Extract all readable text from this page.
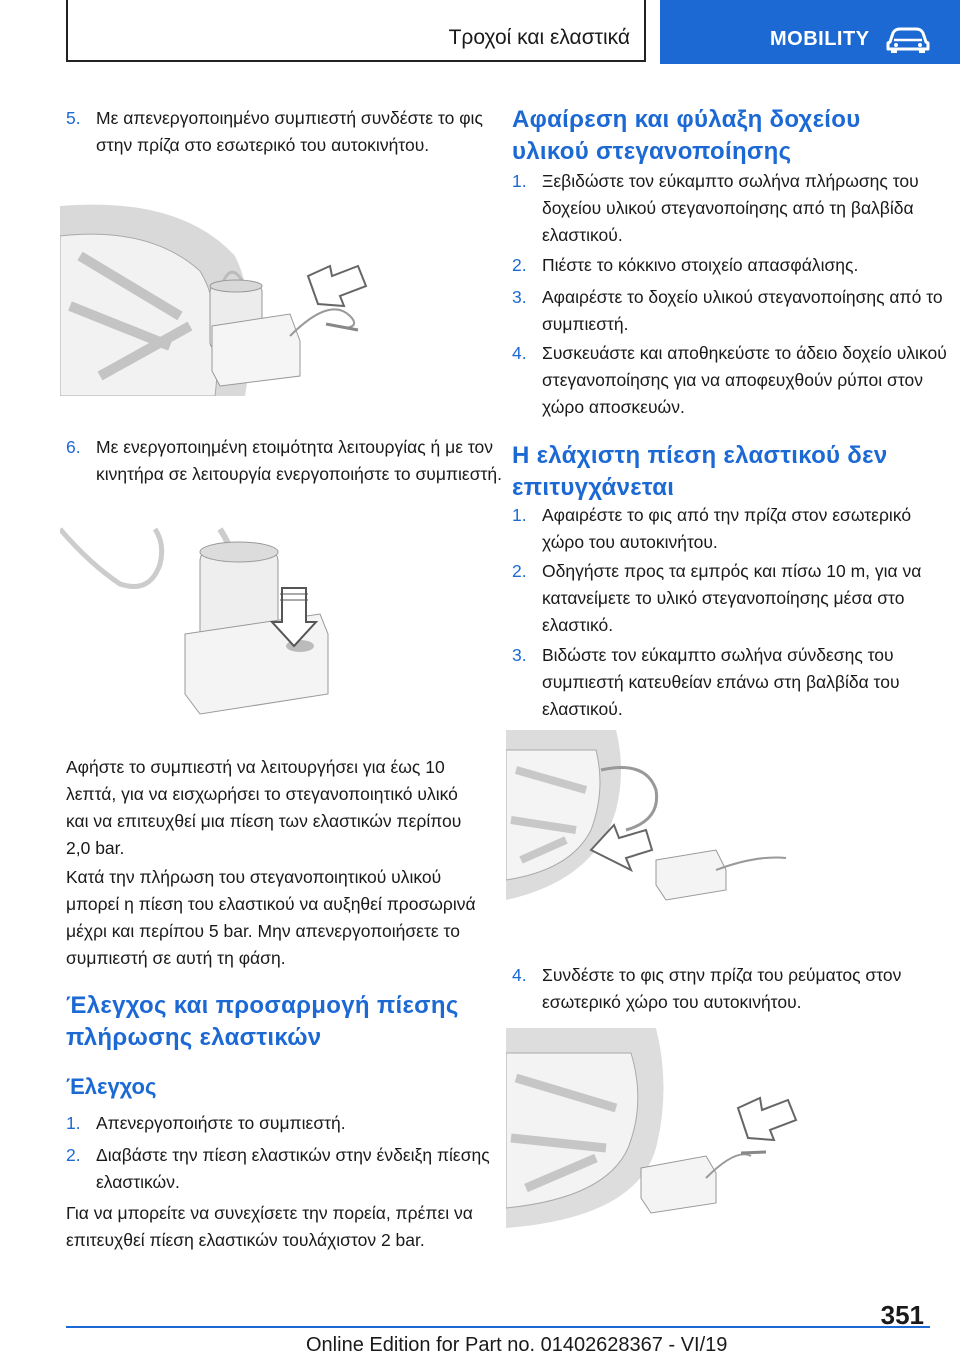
Τροχοί και ελαστικά	MOBILITY
5. Με απενεργοποιημένο συμπιεστή συνδέστε το φις στην πρίζα στο εσωτερικό του αυτοκινήτου.
6. Με ενεργοποιημένη ετοιμότητα λειτουργίας ή με τον κινητήρα σε λειτουργία ενεργοποιήστε το συμπιεστή.

Αφήστε το συμπιεστή να λειτουργήσει για έως 10 λεπτά, για να εισχωρήσει το στεγανοποιητικό υλικό και να επιτευχθεί μια πίεση των ελαστικών περίπου 2,0 bar.

Κατά την πλήρωση του στεγανοποιητικού υλικού μπορεί η πίεση του ελαστικού να αυξηθεί προσωρινά μέχρι και περίπου 5 bar. Μην απενεργοποιήσετε το συμπιεστή σε αυτή τη φάση.

Έλεγχος και προσαρμογή πίεσης πλήρωσης ελαστικών
Έλεγχος
1. Απενεργοποιήστε το συμπιεστή.
2. Διαβάστε την πίεση ελαστικών στην ένδειξη πίεσης ελαστικών.

Για να μπορείτε να συνεχίσετε την πορεία, πρέπει να επιτευχθεί πίεση ελαστικών τουλάχιστον 2 bar.

Αφαίρεση και φύλαξη δοχείου υλικού στεγανοποίησης
1. Ξεβιδώστε τον εύκαμπτο σωλήνα πλήρωσης του δοχείου υλικού στεγανοποίησης από τη βαλβίδα ελαστικού.
2. Πιέστε το κόκκινο στοιχείο απασφάλισης.
3. Αφαιρέστε το δοχείο υλικού στεγανοποίησης από το συμπιεστή.
4. Συσκευάστε και αποθηκεύστε το άδειο δοχείο υλικού στεγανοποίησης για να αποφευχθούν ρύποι στον χώρο αποσκευών.
Η ελάχιστη πίεση ελαστικού δεν επιτυγχάνεται
1. Αφαιρέστε το φις από την πρίζα στον εσωτερικό χώρο του αυτοκινήτου.
2. Οδηγήστε προς τα εμπρός και πίσω 10 m, για να κατανείμετε το υλικό στεγανοποίησης μέσα στο ελαστικό.
3. Βιδώστε τον εύκαμπτο σωλήνα σύνδεσης του συμπιεστή κατευθείαν επάνω στη βαλβίδα του ελαστικού.
4. Συνδέστε το φις στην πρίζα του ρεύματος στον εσωτερικό χώρο του αυτοκινήτου.
351
Online Edition for Part no. 01402628367 - VI/19
